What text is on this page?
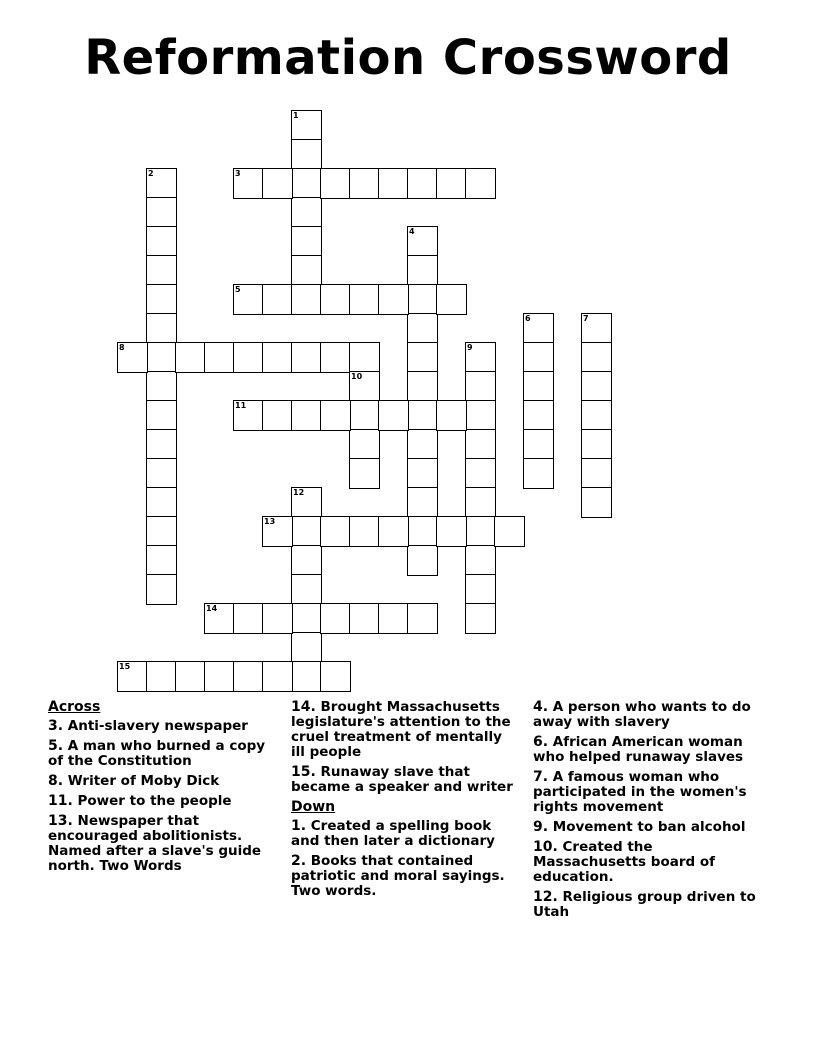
Reformation Crossword
1
2	3
4
5
6	7
8	9
10
11
12
13
14
15
Across
3. Anti-slavery newspaper
5. A man who burned a copy of the Constitution
8. Writer of Moby Dick
11. Power to the people
13. Newspaper that encouraged abolitionists. Named after a slave's guide north. Two Words
14. Brought Massachusetts legislature's attention to the cruel treatment of mentally ill people
15. Runaway slave that became a speaker and writer
Down
1. Created a spelling book and then later a dictionary
2. Books that contained patriotic and moral sayings. Two words.
4. A person who wants to do away with slavery
6. African American woman who helped runaway slaves
7. A famous woman who participated in the women's rights movement
9. Movement to ban alcohol
10. Created the Massachusetts board of education.
12. Religious group driven to Utah
